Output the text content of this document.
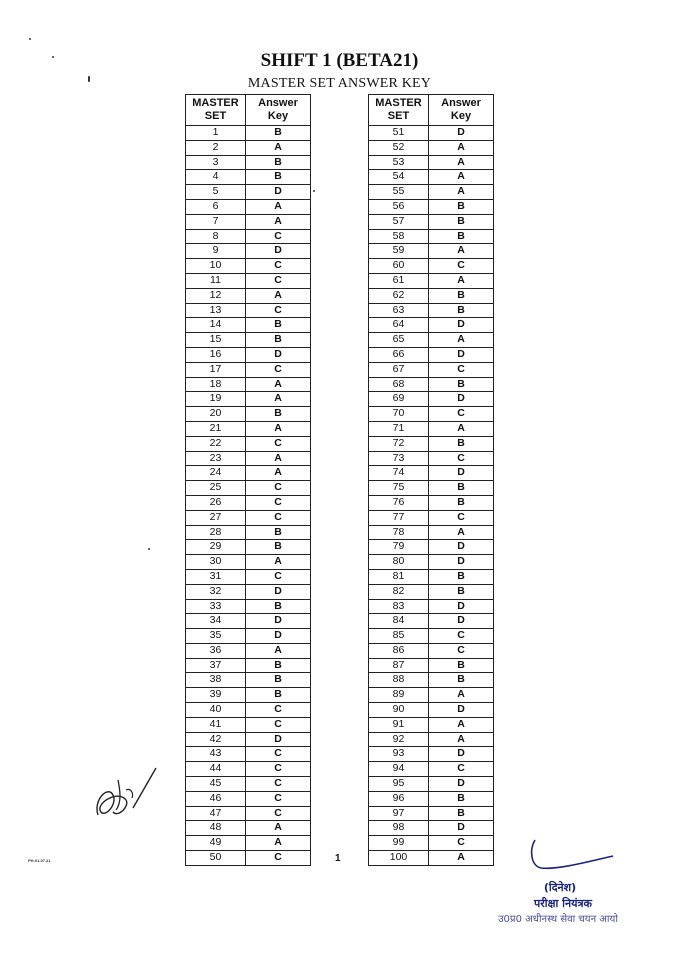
SHIFT 1 (BETA21)
MASTER SET ANSWER KEY
MASTER
SET	Answer
Key
1	B
2	A
3	B
4	B
5	D
6	A
7	A
8	C
9	D
10	C
11	C
12	A
13	C
14	B
15	B
16	D
17	C
18	A
19	A
20	B
21	A
22	C
23	A
24	A
25	C
26	C
27	C
28	B
29	B
30	A
31	C
32	D
33	B
34	D
35	D
36	A
37	B
38	B
39	B
40	C
41	C
42	D
43	C
44	C
45	C
46	C
47	C
48	A
49	A
50	C
MASTER
SET	Answer
Key
51	D
52	A
53	A
54	A
55	A
56	B
57	B
58	B
59	A
60	C
61	A
62	B
63	B
64	D
65	A
66	D
67	C
68	B
69	D
70	C
71	A
72	B
73	C
74	D
75	B
76	B
77	C
78	A
79	D
80	D
81	B
82	B
83	D
84	D
85	C
86	C
87	B
88	B
89	A
90	D
91	A
92	A
93	D
94	C
95	D
96	B
97	B
98	D
99	C
100	A
1
PH-01.07.21
(दिनेश)
परीक्षा नियंत्रक
उ0प्र0 अधीनस्थ सेवा चयन आयो
